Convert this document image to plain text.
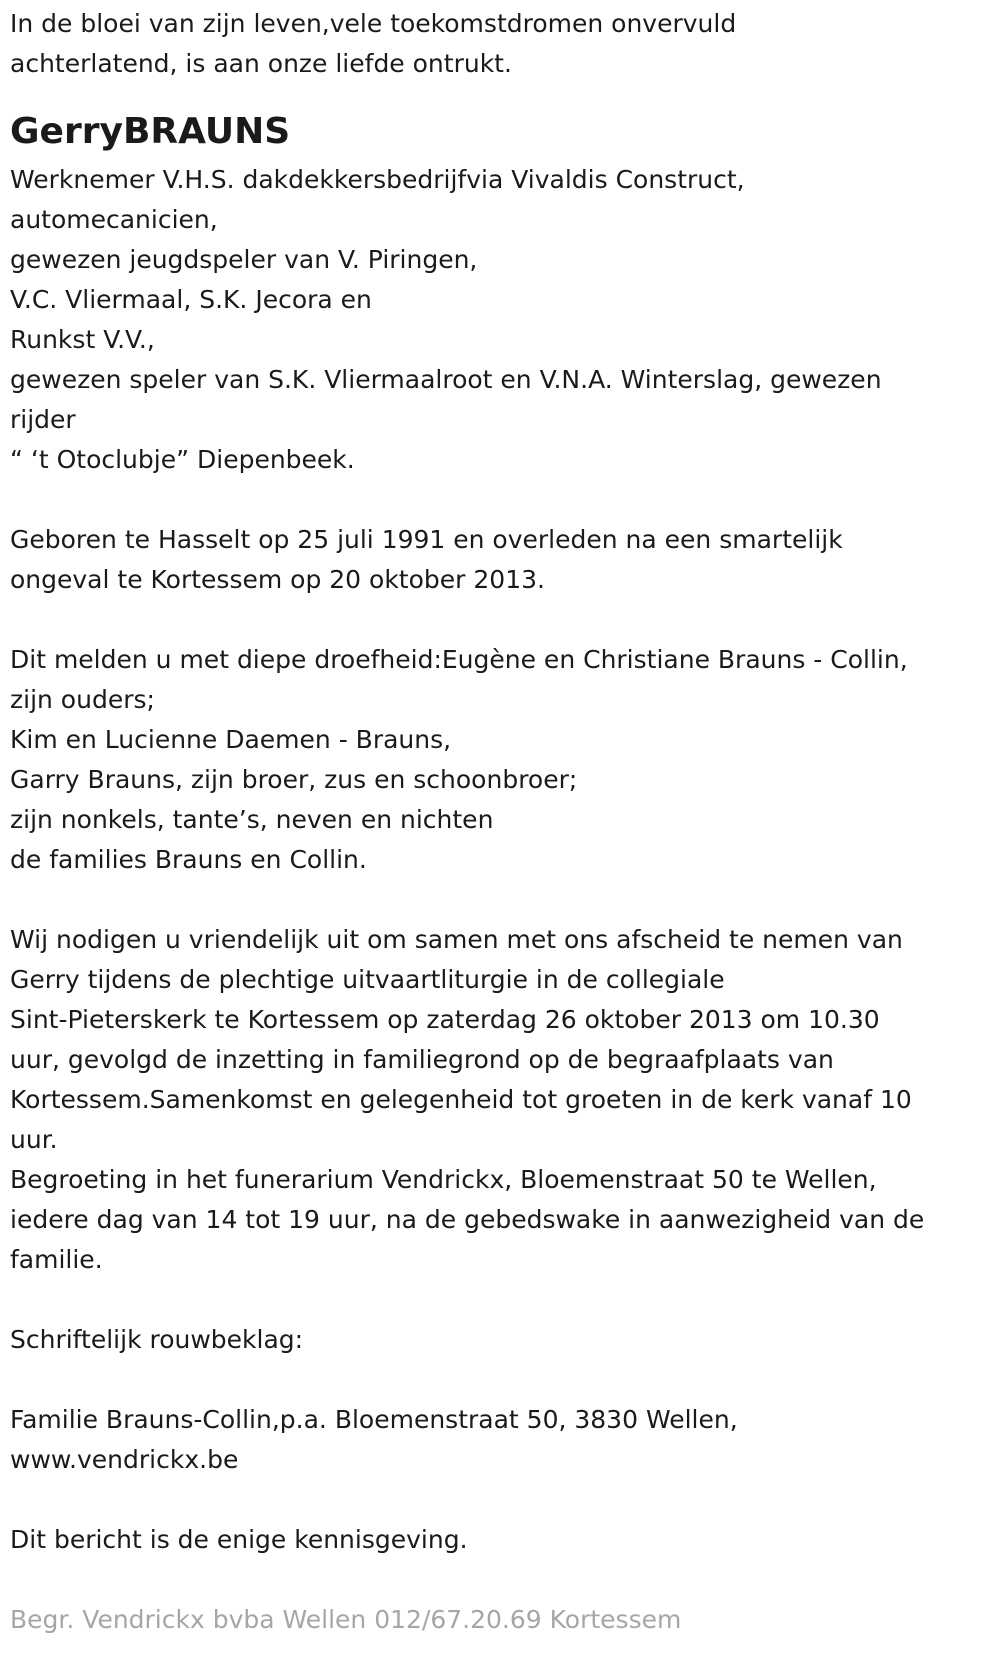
In de bloei van zijn leven,vele toekomstdromen onvervuld
achterlatend, is aan onze liefde ontrukt.
GerryBRAUNS
Werknemer V.H.S. dakdekkersbedrijfvia Vivaldis Construct,
automecanicien,
gewezen jeugdspeler van V. Piringen,
V.C. Vliermaal, S.K. Jecora en
Runkst V.V.,
gewezen speler van S.K. Vliermaalroot en V.N.A. Winterslag, gewezen
rijder
“ ‘t Otoclubje” Diepenbeek.
Geboren te Hasselt op 25 juli 1991 en overleden na een smartelijk
ongeval te Kortessem op 20 oktober 2013.
Dit melden u met diepe droefheid:Eugène en Christiane Brauns - Collin,
zijn ouders;
Kim en Lucienne Daemen - Brauns,
Garry Brauns, zijn broer, zus en schoonbroer;
zijn nonkels, tante’s, neven en nichten
de families Brauns en Collin.
Wij nodigen u vriendelijk uit om samen met ons afscheid te nemen van
Gerry tijdens de plechtige uitvaartliturgie in de collegiale
Sint-Pieterskerk te Kortessem op zaterdag 26 oktober 2013 om 10.30
uur, gevolgd de inzetting in familiegrond op de begraafplaats van
Kortessem.Samenkomst en gelegenheid tot groeten in de kerk vanaf 10
uur.
Begroeting in het funerarium Vendrickx, Bloemenstraat 50 te Wellen,
iedere dag van 14 tot 19 uur, na de gebedswake in aanwezigheid van de
familie.
Schriftelijk rouwbeklag:
Familie Brauns-Collin,p.a. Bloemenstraat 50, 3830 Wellen,
www.vendrickx.be
Dit bericht is de enige kennisgeving.
Begr. Vendrickx bvba Wellen 012/67.20.69 Kortessem
